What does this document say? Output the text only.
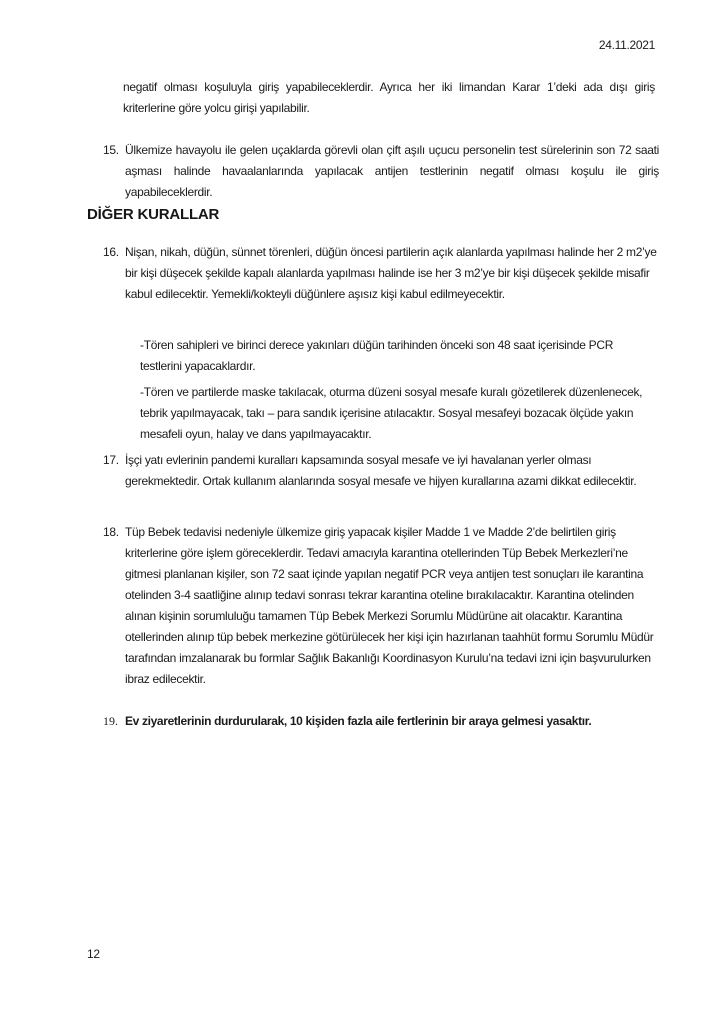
24.11.2021
negatif olması koşuluyla giriş yapabileceklerdir. Ayrıca her iki limandan Karar 1’deki ada dışı giriş kriterlerine göre yolcu girişi yapılabilir.
15. Ülkemize havayolu ile gelen uçaklarda görevli olan çift aşılı uçucu personelin test sürelerinin son 72 saati aşması halinde havaalanlarında yapılacak antijen testlerinin negatif olması koşulu ile giriş yapabileceklerdir.
DİĞER KURALLAR
16. Nişan, nikah, düğün, sünnet törenleri, düğün öncesi partilerin açık alanlarda yapılması halinde her 2 m2’ye bir kişi düşecek şekilde kapalı alanlarda yapılması halinde ise her 3 m2’ye bir kişi düşecek şekilde misafir kabul edilecektir. Yemekli/kokteyli düğünlere aşısız kişi kabul edilmeyecektir.
-Tören sahipleri ve birinci derece yakınları düğün tarihinden önceki son 48 saat içerisinde PCR testlerini yapacaklardır.
-Tören ve partilerde maske takılacak, oturma düzeni sosyal mesafe kuralı gözetilerek düzenlenecek, tebrik yapılmayacak, takı – para sandık içerisine atılacaktır. Sosyal mesafeyi bozacak ölçüde yakın mesafeli oyun, halay ve dans yapılmayacaktır.
17. İşçi yatı evlerinin pandemi kuralları kapsamında sosyal mesafe ve iyi havalanan yerler olması gerekmektedir. Ortak kullanım alanlarında sosyal mesafe ve hijyen kurallarına azami dikkat edilecektir.
18. Tüp Bebek tedavisi nedeniyle ülkemize giriş yapacak kişiler Madde 1 ve Madde 2’de belirtilen giriş kriterlerine göre işlem göreceklerdir. Tedavi amacıyla karantina otellerinden Tüp Bebek Merkezleri’ne gitmesi planlanan kişiler, son 72 saat içinde yapılan negatif PCR veya antijen test sonuçları ile karantina otelinden 3-4 saatliğine alınıp tedavi sonrası tekrar karantina oteline bırakılacaktır. Karantina otelinden alınan kişinin sorumluluğu tamamen Tüp Bebek Merkezi Sorumlu Müdürüne ait olacaktır. Karantina otellerinden alınıp tüp bebek merkezine götürülecek her kişi için hazırlanan taahhüt formu Sorumlu Müdür tarafından imzalanarak bu formlar Sağlık Bakanlığı Koordinasyon Kurulu’na tedavi izni için başvurulurken ibraz edilecektir.
19. Ev ziyaretlerinin durdurularak, 10 kişiden fazla aile fertlerinin bir araya gelmesi yasaktır.
12
